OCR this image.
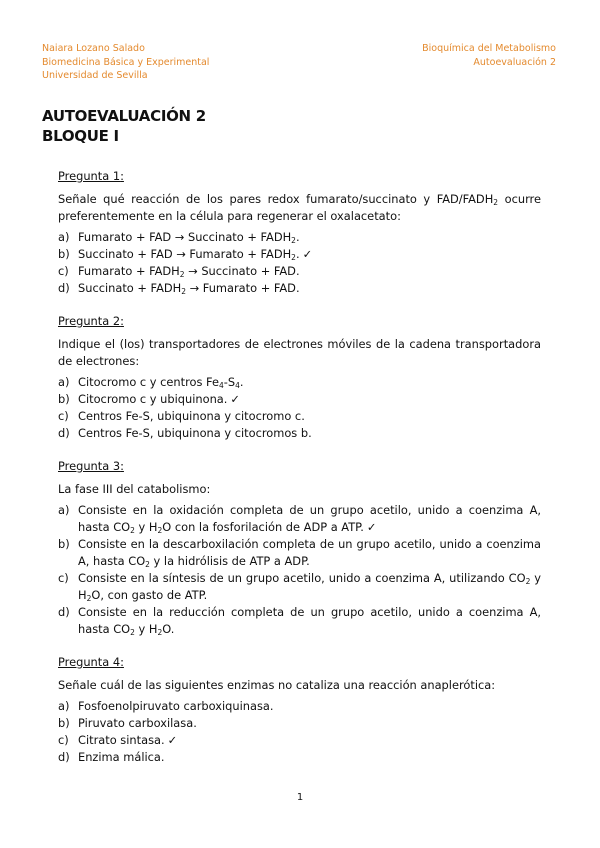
Naiara Lozano Salado
Biomedicina Básica y Experimental
Universidad de Sevilla
Bioquímica del Metabolismo
Autoevaluación 2
AUTOEVALUACIÓN 2
BLOQUE I
Pregunta 1:
Señale qué reacción de los pares redox fumarato/succinato y FAD/$FADH_2$ ocurre preferentemente en la célula para regenerar el oxalacetato:
a) Fumarato + FAD → Succinato + $FADH_2$.
b) Succinato + FAD → Fumarato + $FADH_2$. ✓
c) Fumarato + $FADH_2$ → Succinato + FAD.
d) Succinato + $FADH_2$ → Fumarato + FAD.
Pregunta 2:
Indique el (los) transportadores de electrones móviles de la cadena transportadora de electrones:
a) Citocromo c y centros $Fe_4-S_4$.
b) Citocromo c y ubiquinona. ✓
c) Centros Fe-S, ubiquinona y citocromo c.
d) Centros Fe-S, ubiquinona y citocromos b.
Pregunta 3:
La fase III del catabolismo:
a) Consiste en la oxidación completa de un grupo acetilo, unido a coenzima A, hasta $CO_2$ y $H_2O$ con la fosforilación de ADP a ATP. ✓
b) Consiste en la descarboxilación completa de un grupo acetilo, unido a coenzima A, hasta $CO_2$ y la hidrólisis de ATP a ADP.
c) Consiste en la síntesis de un grupo acetilo, unido a coenzima A, utilizando $CO_2$ y $H_2O$, con gasto de ATP.
d) Consiste en la reducción completa de un grupo acetilo, unido a coenzima A, hasta $CO_2$ y $H_2O$.
Pregunta 4:
Señale cuál de las siguientes enzimas no cataliza una reacción anaplerótica:
a) Fosfoenolpiruvato carboxiquinasa.
b) Piruvato carboxilasa.
c) Citrato sintasa. ✓
d) Enzima málica.
1
